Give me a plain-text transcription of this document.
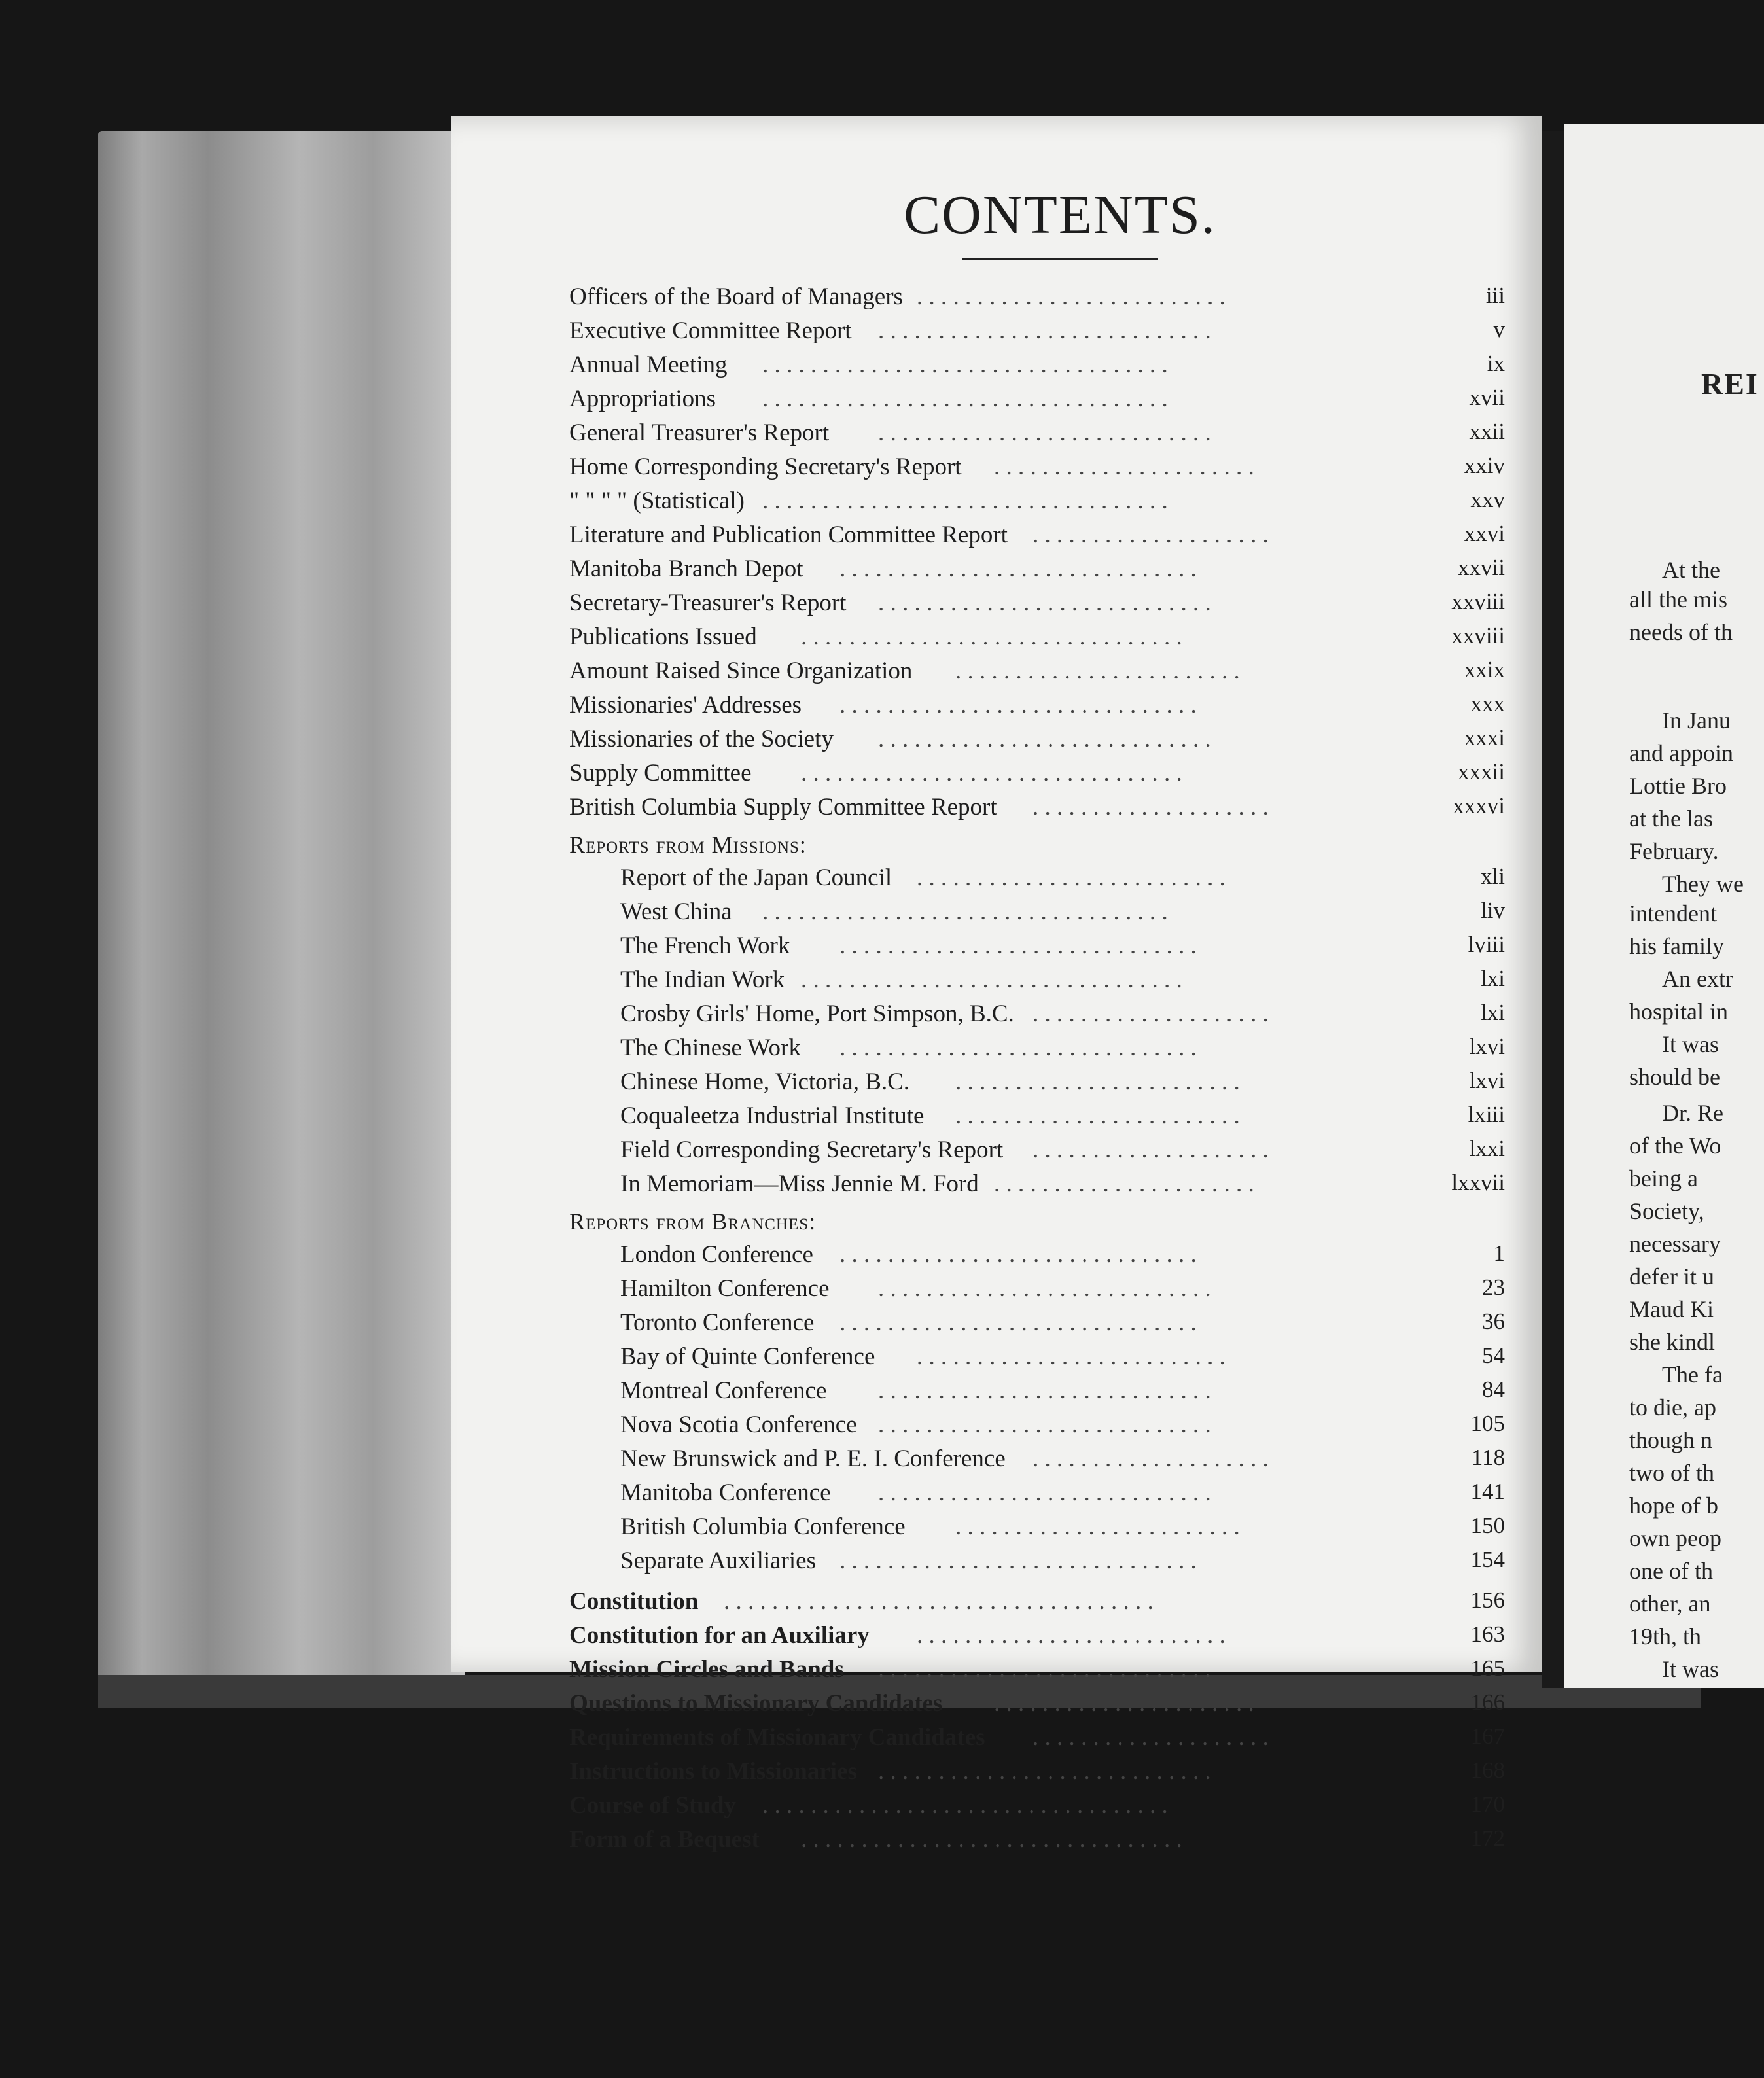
CONTENTS.
Officers of the Board of Managers . . . . . . . . . . . . . . . . . . . . . . . . . .	iii
Executive Committee Report . . . . . . . . . . . . . . . . . . . . . . . . . . . .	v
Annual Meeting . . . . . . . . . . . . . . . . . . . . . . . . . . . . . . . . . .	ix
Appropriations . . . . . . . . . . . . . . . . . . . . . . . . . . . . . . . . . .	xvii
General Treasurer's Report . . . . . . . . . . . . . . . . . . . . . . . . . . . .	xxii
Home Corresponding Secretary's Report . . . . . . . . . . . . . . . . . . . . . .	xxiv
" " " " (Statistical) . . . . . . . . . . . . . . . . . . . . . . . . . . . . . . . . . .	xxv
Literature and Publication Committee Report . . . . . . . . . . . . . . . . . . . .	xxvi
Manitoba Branch Depot . . . . . . . . . . . . . . . . . . . . . . . . . . . . . .	xxvii
Secretary-Treasurer's Report . . . . . . . . . . . . . . . . . . . . . . . . . . . .	xxviii
Publications Issued . . . . . . . . . . . . . . . . . . . . . . . . . . . . . . . .	xxviii
Amount Raised Since Organization . . . . . . . . . . . . . . . . . . . . . . . .	xxix
Missionaries' Addresses . . . . . . . . . . . . . . . . . . . . . . . . . . . . . .	xxx
Missionaries of the Society . . . . . . . . . . . . . . . . . . . . . . . . . . . .	xxxi
Supply Committee . . . . . . . . . . . . . . . . . . . . . . . . . . . . . . . .	xxxii
British Columbia Supply Committee Report . . . . . . . . . . . . . . . . . . . .	xxxvi
Reports from Missions:
Report of the Japan Council . . . . . . . . . . . . . . . . . . . . . . . . . .	xli
West China . . . . . . . . . . . . . . . . . . . . . . . . . . . . . . . . . .	liv
The French Work . . . . . . . . . . . . . . . . . . . . . . . . . . . . . .	lviii
The Indian Work . . . . . . . . . . . . . . . . . . . . . . . . . . . . . . . .	lxi
Crosby Girls' Home, Port Simpson, B.C. . . . . . . . . . . . . . . . . . . . .	lxi
The Chinese Work . . . . . . . . . . . . . . . . . . . . . . . . . . . . . .	lxvi
Chinese Home, Victoria, B.C. . . . . . . . . . . . . . . . . . . . . . . . .	lxvi
Coqualeetza Industrial Institute . . . . . . . . . . . . . . . . . . . . . . . .	lxiii
Field Corresponding Secretary's Report . . . . . . . . . . . . . . . . . . . .	lxxi
In Memoriam—Miss Jennie M. Ford . . . . . . . . . . . . . . . . . . . . . .	lxxvii
Reports from Branches:
London Conference . . . . . . . . . . . . . . . . . . . . . . . . . . . . . .	1
Hamilton Conference . . . . . . . . . . . . . . . . . . . . . . . . . . . .	23
Toronto Conference . . . . . . . . . . . . . . . . . . . . . . . . . . . . . .	36
Bay of Quinte Conference . . . . . . . . . . . . . . . . . . . . . . . . . .	54
Montreal Conference . . . . . . . . . . . . . . . . . . . . . . . . . . . .	84
Nova Scotia Conference . . . . . . . . . . . . . . . . . . . . . . . . . . . .	105
New Brunswick and P. E. I. Conference . . . . . . . . . . . . . . . . . . . .	118
Manitoba Conference . . . . . . . . . . . . . . . . . . . . . . . . . . . .	141
British Columbia Conference . . . . . . . . . . . . . . . . . . . . . . . .	150
Separate Auxiliaries . . . . . . . . . . . . . . . . . . . . . . . . . . . . . .	154
Constitution . . . . . . . . . . . . . . . . . . . . . . . . . . . . . . . . . . . .	156
Constitution for an Auxiliary . . . . . . . . . . . . . . . . . . . . . . . . . .	163
Mission Circles and Bands . . . . . . . . . . . . . . . . . . . . . . . . . . . .	165
Questions to Missionary Candidates . . . . . . . . . . . . . . . . . . . . . .	166
Requirements of Missionary Candidates . . . . . . . . . . . . . . . . . . . .	167
Instructions to Missionaries . . . . . . . . . . . . . . . . . . . . . . . . . . . .	168
Course of Study . . . . . . . . . . . . . . . . . . . . . . . . . . . . . . . . . .	170
Form of a Bequest . . . . . . . . . . . . . . . . . . . . . . . . . . . . . . . .	172
REI
At the
all the mis
needs of th
In Janu
and appoin
Lottie Bro
at the las
February.
They we
intendent
his family
An extr
hospital in
It was
should be
Dr. Re
of the Wo
being a
Society,
necessary
defer it u
Maud Ki
she kindl
The fa
to die, ap
though n
two of th
hope of b
own peop
one of th
other, an
19th, th
It was
